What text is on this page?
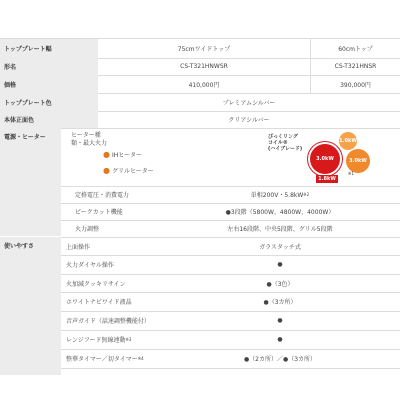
トッププレート幅	75cmワイドトップ	60cmトップ
形名	CS-T321HNWSR	CS-T321HNSR
価格	410,000円	390,000円
トッププレート色	プレミアムシルバー
本体正面色	クリアシルバー
電源・ヒーター	ヒーター種類・最大火力
● IHヒーター
● グリルヒーター
びっくリング
コイル®
(ハイブレード)
1.0kW
3.0kW	3.0kW
※1
1.8kW
定格電圧・消費電力	単相200V・5.8kW ※2
ピークカット機能	●3段階（5800W、4800W、4000W）
火力調整	左右16段階、中央5段階、グリル5段階
使いやすさ	上面操作	ガラスタッチ式
火力ダイヤル操作	●
火加減クッキリサイン	●（3色）
ホワイトナビワイド液晶	●（3カ所）
音声ガイド（話速調整機能付）	●
レンジフード無線連動 ※3	●
整華タイマー／切タイマー ※4	●（2カ所）／●（3カ所）
